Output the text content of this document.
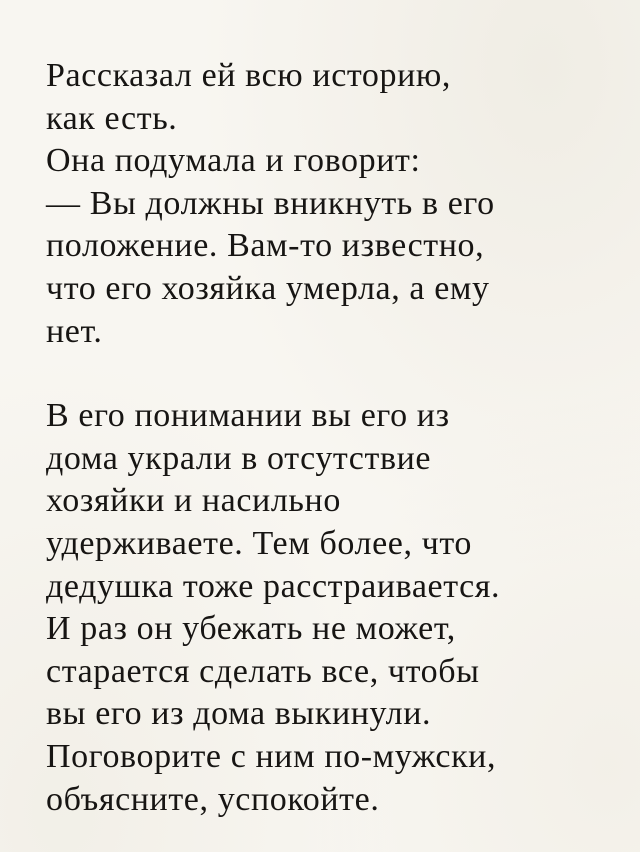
Рассказал ей всю историю,
как есть.
Она подумала и говорит:
— Вы должны вникнуть в его
положение. Вам-то известно,
что его хозяйка умерла, а ему
нет.
В его понимании вы его из
дома украли в отсутствие
хозяйки и насильно
удерживаете. Тем более, что
дедушка тоже расстраивается.
И раз он убежать не может,
старается сделать все, чтобы
вы его из дома выкинули.
Поговорите с ним по-мужски,
объясните, успокойте.
